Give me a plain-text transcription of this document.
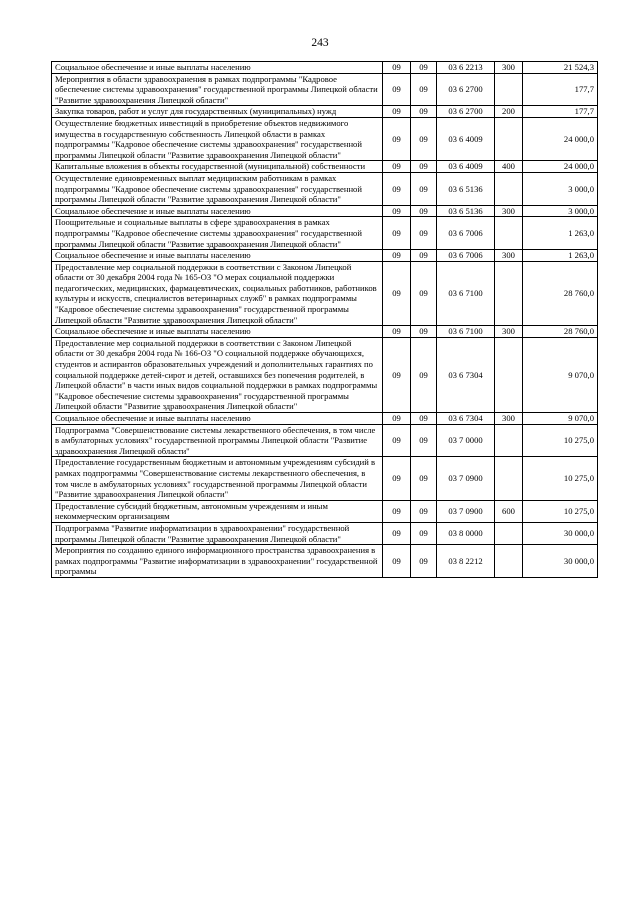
243
Социальное обеспечение и иные выплаты населению	09	09	03 6 2213	300	21 524,3
Мероприятия в области здравоохранения в рамках подпрограммы "Кадровое обеспечение системы здравоохранения" государственной программы Липецкой области "Развитие здравоохранения Липецкой области"	09	09	03 6 2700		177,7
Закупка товаров, работ и услуг для государственных (муниципальных) нужд	09	09	03 6 2700	200	177,7
Осуществление бюджетных инвестиций в приобретение объектов недвижимого имущества в государственную собственность Липецкой области в рамках подпрограммы "Кадровое обеспечение системы здравоохранения" государственной программы Липецкой области "Развитие здравоохранения Липецкой области"	09	09	03 6 4009		24 000,0
Капитальные вложения в объекты государственной (муниципальной) собственности	09	09	03 6 4009	400	24 000,0
Осуществление единовременных выплат медицинским работникам в рамках подпрограммы "Кадровое обеспечение системы здравоохранения" государственной программы Липецкой области "Развитие здравоохранения Липецкой области"	09	09	03 6 5136		3 000,0
Социальное обеспечение и иные выплаты населению	09	09	03 6 5136	300	3 000,0
Поощрительные и социальные выплаты в сфере здравоохранения в рамках подпрограммы "Кадровое обеспечение системы здравоохранения" государственной программы Липецкой области "Развитие здравоохранения Липецкой области"	09	09	03 6 7006		1 263,0
Социальное обеспечение и иные выплаты населению	09	09	03 6 7006	300	1 263,0
Предоставление мер социальной поддержки в соответствии с Законом Липецкой области от 30 декабря 2004 года № 165-ОЗ "О мерах социальной поддержки педагогических, медицинских, фармацевтических, социальных работников, работников культуры и искусств, специалистов ветеринарных служб" в рамках подпрограммы "Кадровое обеспечение системы здравоохранения" государственной программы Липецкой области "Развитие здравоохранения Липецкой области"	09	09	03 6 7100		28 760,0
Социальное обеспечение и иные выплаты населению	09	09	03 6 7100	300	28 760,0
Предоставление мер социальной поддержки в соответствии с Законом Липецкой области от 30 декабря 2004 года № 166-ОЗ "О социальной поддержке обучающихся, студентов и аспирантов образовательных учреждений и дополнительных гарантиях по социальной поддержке детей-сирот и детей, оставшихся без попечения родителей, в Липецкой области" в части иных видов социальной поддержки в рамках подпрограммы "Кадровое обеспечение системы здравоохранения" государственной программы Липецкой области "Развитие здравоохранения Липецкой области"	09	09	03 6 7304		9 070,0
Социальное обеспечение и иные выплаты населению	09	09	03 6 7304	300	9 070,0
Подпрограмма "Совершенствование системы лекарственного обеспечения, в том числе в амбулаторных условиях" государственной программы Липецкой области "Развитие здравоохранения Липецкой области"	09	09	03 7 0000		10 275,0
Предоставление государственным бюджетным и автономным учреждениям субсидий в рамках подпрограммы "Совершенствование системы лекарственного обеспечения, в том числе в амбулаторных условиях" государственной программы Липецкой области "Развитие здравоохранения Липецкой области"	09	09	03 7 0900		10 275,0
Предоставление субсидий бюджетным, автономным учреждениям и иным некоммерческим организациям	09	09	03 7 0900	600	10 275,0
Подпрограмма "Развитие информатизации в здравоохранении" государственной программы Липецкой области "Развитие здравоохранения Липецкой области"	09	09	03 8 0000		30 000,0
Мероприятия по созданию единого информационного пространства здравоохранения в рамках подпрограммы "Развитие информатизации в здравоохранении" государственной программы	09	09	03 8 2212		30 000,0
